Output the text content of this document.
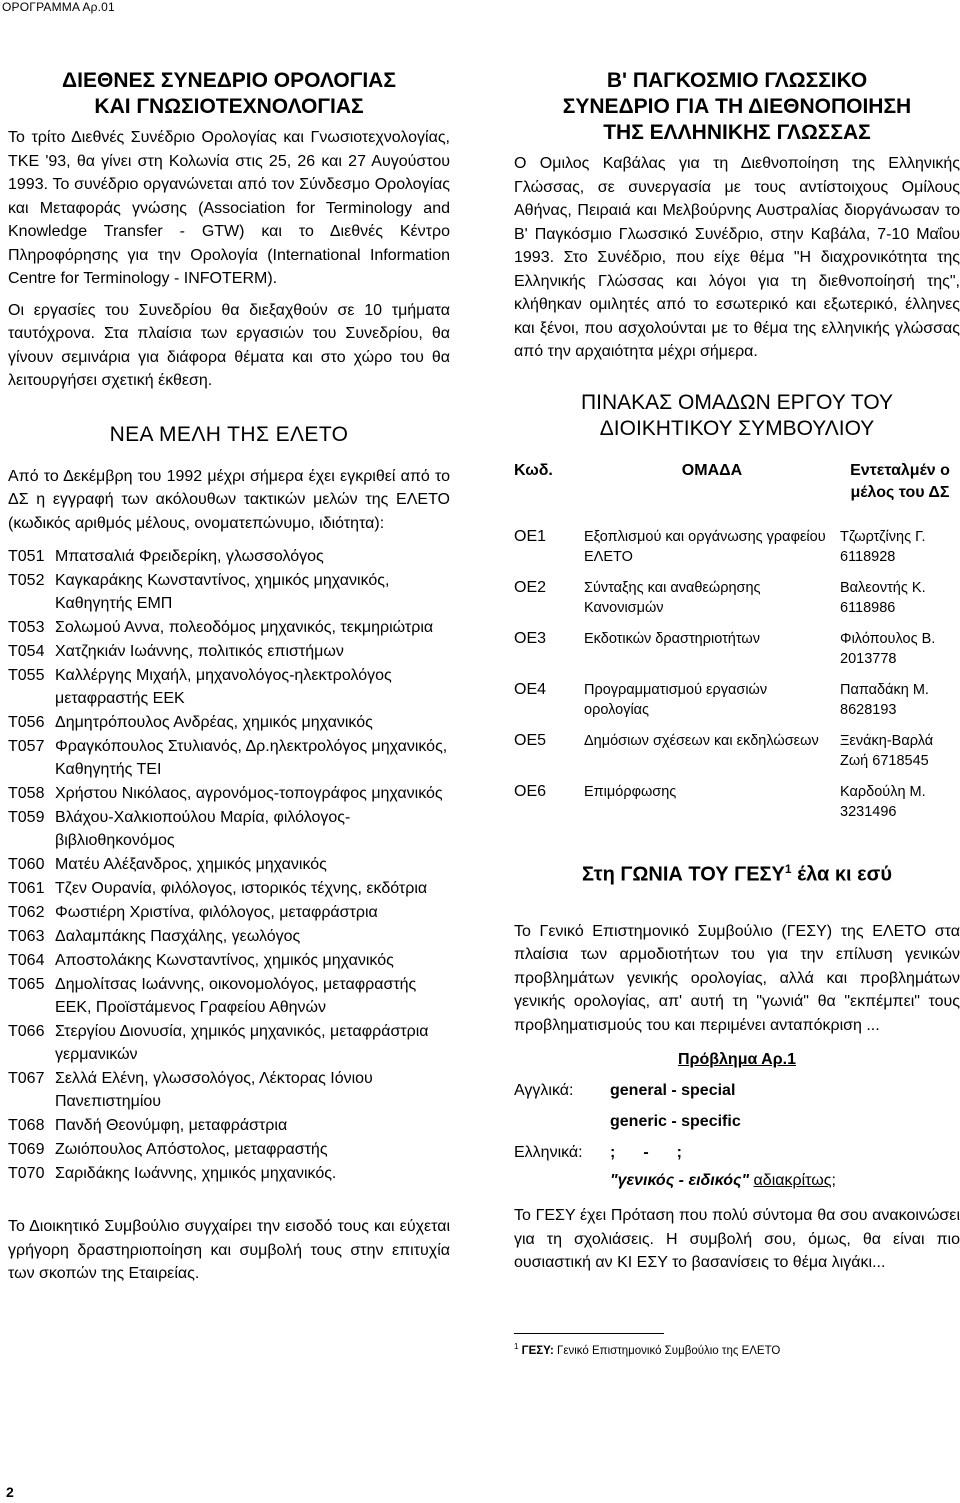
ΟΡΟΓΡΑΜΜΑ Αρ.01
ΔΙΕΘΝΕΣ ΣΥΝΕΔΡΙΟ ΟΡΟΛΟΓΙΑΣ
ΚΑΙ ΓΝΩΣΙΟΤΕΧΝΟΛΟΓΙΑΣ

Το τρίτο Διεθνές Συνέδριο Ορολογίας και Γνωσιοτεχνολογίας, ΤΚΕ '93, θα γίνει στη Κολωνία στις 25, 26 και 27 Αυγούστου 1993. Το συνέδριο οργανώνεται από τον Σύνδεσμο Ορολογίας και Μεταφοράς γνώσης (Association for Terminology and Knowledge Transfer - GTW) και το Διεθνές Κέντρο Πληροφόρησης για την Ορολογία (International Information Centre for Terminology - INFOTERM).

Οι εργασίες του Συνεδρίου θα διεξαχθούν σε 10 τμήματα ταυτόχρονα. Στα πλαίσια των εργασιών του Συνεδρίου, θα γίνουν σεμινάρια για διάφορα θέματα και στο χώρο του θα λειτουργήσει σχετική έκθεση.

ΝΕΑ ΜΕΛΗ ΤΗΣ ΕΛΕΤΟ

Από το Δεκέμβρη του 1992 μέχρι σήμερα έχει εγκριθεί από το ΔΣ η εγγραφή των ακόλουθων τακτικών μελών της ΕΛΕΤΟ (κωδικός αριθμός μέλους, ονοματεπώνυμο, ιδιότητα):

T051 Μπατσαλιά Φρειδερίκη, γλωσσολόγος
T052 Καγκαράκης Κωνσταντίνος, χημικός μηχανικός, Καθηγητής ΕΜΠ
T053 Σολωμού Αννα, πολεοδόμος μηχανικός, τεκμηριώτρια
T054 Χατζηκιάν Ιωάννης, πολιτικός επιστήμων
T055 Καλλέργης Μιχαήλ, μηχανολόγος-ηλεκτρολόγος μεταφραστής ΕΕΚ
T056 Δημητρόπουλος Ανδρέας, χημικός μηχανικός
T057 Φραγκόπουλος Στυλιανός, Δρ.ηλεκτρολόγος μηχανικός, Καθηγητής ΤΕΙ
T058 Χρήστου Νικόλαος, αγρονόμος-τοπογράφος μηχανικός
T059 Βλάχου-Χαλκιοπούλου Μαρία, φιλόλογος-βιβλιοθηκονόμος
T060 Ματέυ Αλέξανδρος, χημικός μηχανικός
T061 Τζεν Ουρανία, φιλόλογος, ιστορικός τέχνης, εκδότρια
T062 Φωστιέρη Χριστίνα, φιλόλογος, μεταφράστρια
T063 Δαλαμπάκης Πασχάλης, γεωλόγος
T064 Αποστολάκης Κωνσταντίνος, χημικός μηχανικός
T065 Δημολίτσας Ιωάννης, οικονομολόγος, μεταφραστής ΕΕΚ, Προϊστάμενος Γραφείου Αθηνών
T066 Στεργίου Διονυσία, χημικός μηχανικός, μεταφράστρια γερμανικών
T067 Σελλά Ελένη, γλωσσολόγος, Λέκτορας Ιόνιου Πανεπιστημίου
T068 Πανδή Θεονύμφη, μεταφράστρια
T069 Ζωιόπουλος Απόστολος, μεταφραστής
T070 Σαριδάκης Ιωάννης, χημικός μηχανικός.

Το Διοικητικό Συμβούλιο συγχαίρει την εισοδό τους και εύχεται γρήγορη δραστηριοποίηση και συμβολή τους στην επιτυχία των σκοπών της Εταιρείας.

Β' ΠΑΓΚΟΣΜΙΟ ΓΛΩΣΣΙΚΟ
ΣΥΝΕΔΡΙΟ ΓΙΑ ΤΗ ΔΙΕΘΝΟΠΟΙΗΣΗ
ΤΗΣ ΕΛΛΗΝΙΚΗΣ ΓΛΩΣΣΑΣ

Ο Ομιλος Καβάλας για τη Διεθνοποίηση της Ελληνικής Γλώσσας, σε συνεργασία με τους αντίστοιχους Ομίλους Αθήνας, Πειραιά και Μελβούρνης Αυστραλίας διοργάνωσαν το Β' Παγκόσμιο Γλωσσικό Συνέδριο, στην Καβάλα, 7-10 Μαΐου 1993. Στο Συνέδριο, που είχε θέμα "Η διαχρονικότητα της Ελληνικής Γλώσσας και λόγοι για τη διεθνοποίησή της", κλήθηκαν ομιλητές από το εσωτερικό και εξωτερικό, έλληνες και ξένοι, που ασχολούνται με το θέμα της ελληνικής γλώσσας από την αρχαιότητα μέχρι σήμερα.

ΠΙΝΑΚΑΣ ΟΜΑΔΩΝ ΕΡΓΟΥ ΤΟΥ
ΔΙΟΙΚΗΤΙΚΟΥ ΣΥΜΒΟΥΛΙΟΥ
Κωδ.	ΟΜΑΔΑ	Εντεταλμέν ο μέλος του ΔΣ
ΟΕ1	Εξοπλισμού και οργάνωσης γραφείου ΕΛΕΤΟ	Τζωρτζίνης Γ. 6118928
ΟΕ2	Σύνταξης και αναθεώρησης Κανονισμών	Βαλεοντής Κ. 6118986
ΟΕ3	Εκδοτικών δραστηριοτήτων	Φιλόπουλος Β. 2013778
ΟΕ4	Προγραμματισμού εργασιών ορολογίας	Παπαδάκη Μ. 8628193
ΟΕ5	Δημόσιων σχέσεων και εκδηλώσεων	Ξενάκη-Βαρλά Ζωή 6718545
ΟΕ6	Επιμόρφωσης	Καρδούλη Μ. 3231496
Στη ΓΩΝΙΑ ΤΟΥ ΓΕΣΥ$^1$ έλα κι εσύ

Το Γενικό Επιστημονικό Συμβούλιο (ΓΕΣΥ) της ΕΛΕΤΟ στα πλαίσια των αρμοδιοτήτων του για την επίλυση γενικών προβλημάτων γενικής ορολογίας, αλλά και προβλημάτων γενικής ορολογίας, απ' αυτή τη "γωνιά" θα "εκπέμπει" τους προβληματισμούς του και περιμένει ανταπόκριση ...

Πρόβλημα Αρ.1
Αγγλικά:	general - special
generic - specific
Ελληνικά:	; - ;
"γενικός - ειδικός" αδιακρίτως;

Το ΓΕΣΥ έχει Πρόταση που πολύ σύντομα θα σου ανακοινώσει για τη σχολιάσεις. Η συμβολή σου, όμως, θα είναι πιο ουσιαστική αν ΚΙ ΕΣΥ το βασανίσεις το θέμα λιγάκι...

$^1$ ΓΕΣΥ: Γενικό Επιστημονικό Συμβούλιο της ΕΛΕΤΟ
2
